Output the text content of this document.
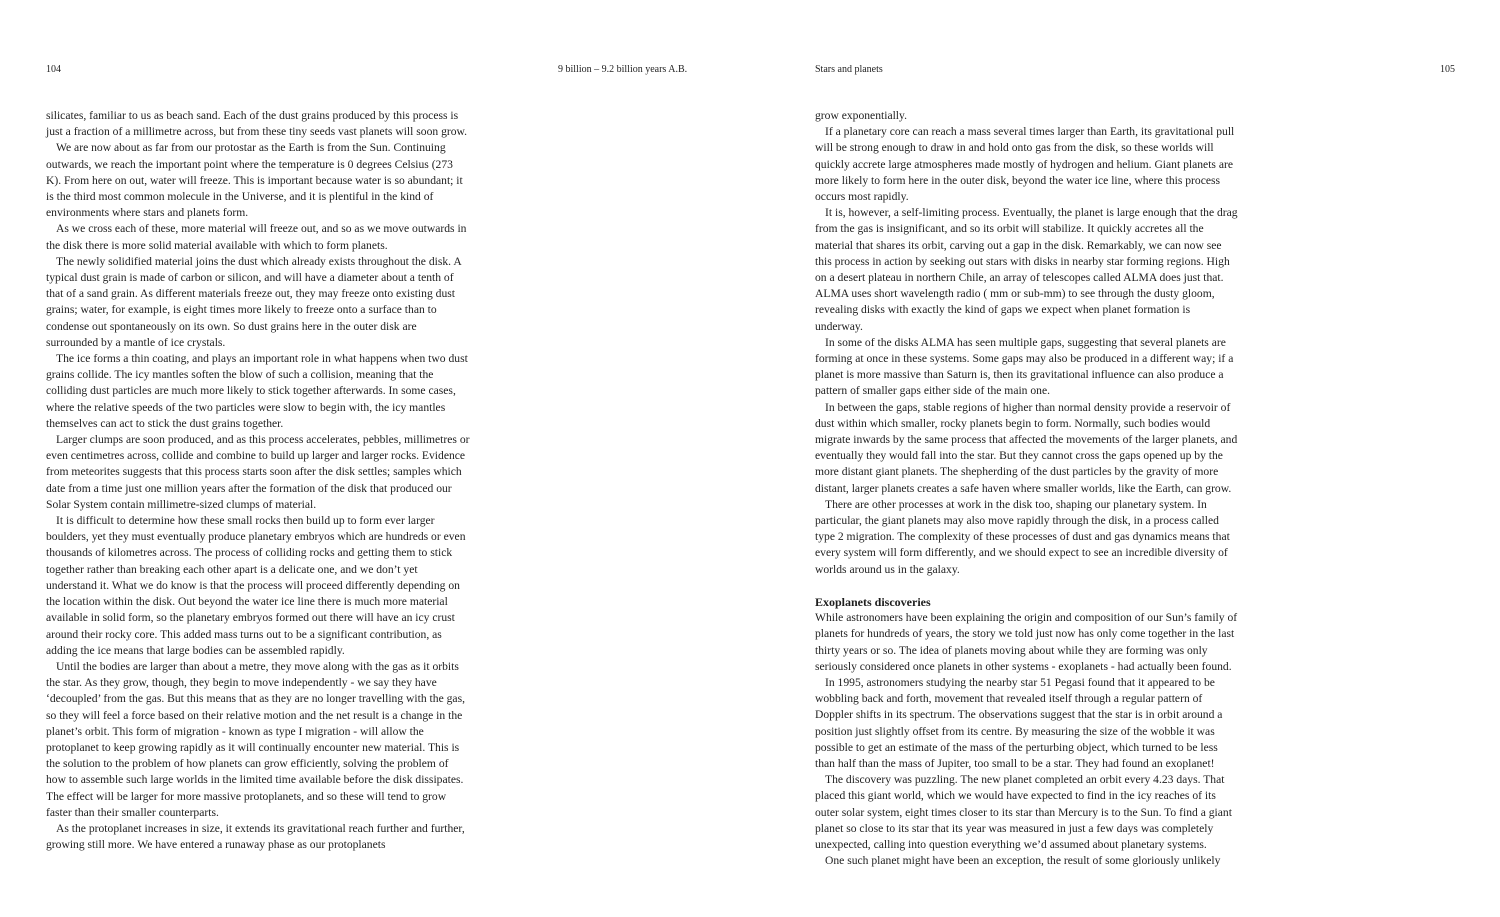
104	9 billion – 9.2 billion years A.B.	Stars and planets	105

silicates, familiar to us as beach sand. Each of the dust grains produced by this process is just a fraction of a millimetre across, but from these tiny seeds vast planets will soon grow.

We are now about as far from our protostar as the Earth is from the Sun. Continuing outwards, we reach the important point where the temperature is 0 degrees Celsius (273 K). From here on out, water will freeze. This is important because water is so abundant; it is the third most common molecule in the Universe, and it is plentiful in the kind of environments where stars and planets form.

As we cross each of these, more material will freeze out, and so as we move outwards in the disk there is more solid material available with which to form planets.

The newly solidified material joins the dust which already exists throughout the disk. A typical dust grain is made of carbon or silicon, and will have a diameter about a tenth of that of a sand grain. As different materials freeze out, they may freeze onto existing dust grains; water, for example, is eight times more likely to freeze onto a surface than to condense out spontaneously on its own. So dust grains here in the outer disk are surrounded by a mantle of ice crystals.

The ice forms a thin coating, and plays an important role in what happens when two dust grains collide. The icy mantles soften the blow of such a collision, meaning that the colliding dust particles are much more likely to stick together afterwards. In some cases, where the relative speeds of the two particles were slow to begin with, the icy mantles themselves can act to stick the dust grains together.

Larger clumps are soon produced, and as this process accelerates, pebbles, millimetres or even centimetres across, collide and combine to build up larger and larger rocks. Evidence from meteorites suggests that this process starts soon after the disk settles; samples which date from a time just one million years after the formation of the disk that produced our Solar System contain millimetre-sized clumps of material.

It is difficult to determine how these small rocks then build up to form ever larger boulders, yet they must eventually produce planetary embryos which are hundreds or even thousands of kilometres across. The process of colliding rocks and getting them to stick together rather than breaking each other apart is a delicate one, and we don’t yet understand it. What we do know is that the process will proceed differently depending on the location within the disk. Out beyond the water ice line there is much more material available in solid form, so the planetary embryos formed out there will have an icy crust around their rocky core. This added mass turns out to be a significant contribution, as adding the ice means that large bodies can be assembled rapidly.

Until the bodies are larger than about a metre, they move along with the gas as it orbits the star. As they grow, though, they begin to move independently - we say they have ‘decoupled’ from the gas. But this means that as they are no longer travelling with the gas, so they will feel a force based on their relative motion and the net result is a change in the planet’s orbit. This form of migration - known as type I migration - will allow the protoplanet to keep growing rapidly as it will continually encounter new material. This is the solution to the problem of how planets can grow efficiently, solving the problem of how to assemble such large worlds in the limited time available before the disk dissipates. The effect will be larger for more massive protoplanets, and so these will tend to grow faster than their smaller counterparts.

As the protoplanet increases in size, it extends its gravitational reach further and further, growing still more. We have entered a runaway phase as our protoplanets

grow exponentially.

If a planetary core can reach a mass several times larger than Earth, its gravitational pull will be strong enough to draw in and hold onto gas from the disk, so these worlds will quickly accrete large atmospheres made mostly of hydrogen and helium. Giant planets are more likely to form here in the outer disk, beyond the water ice line, where this process occurs most rapidly.

It is, however, a self-limiting process. Eventually, the planet is large enough that the drag from the gas is insignificant, and so its orbit will stabilize. It quickly accretes all the material that shares its orbit, carving out a gap in the disk. Remarkably, we can now see this process in action by seeking out stars with disks in nearby star forming regions. High on a desert plateau in northern Chile, an array of telescopes called ALMA does just that. ALMA uses short wavelength radio ( mm or sub-mm) to see through the dusty gloom, revealing disks with exactly the kind of gaps we expect when planet formation is underway.

In some of the disks ALMA has seen multiple gaps, suggesting that several planets are forming at once in these systems. Some gaps may also be produced in a different way; if a planet is more massive than Saturn is, then its gravitational influence can also produce a pattern of smaller gaps either side of the main one.

In between the gaps, stable regions of higher than normal density provide a reservoir of dust within which smaller, rocky planets begin to form. Normally, such bodies would migrate inwards by the same process that affected the movements of the larger planets, and eventually they would fall into the star. But they cannot cross the gaps opened up by the more distant giant planets. The shepherding of the dust particles by the gravity of more distant, larger planets creates a safe haven where smaller worlds, like the Earth, can grow.

There are other processes at work in the disk too, shaping our planetary system. In particular, the giant planets may also move rapidly through the disk, in a process called type 2 migration. The complexity of these processes of dust and gas dynamics means that every system will form differently, and we should expect to see an incredible diversity of worlds around us in the galaxy.

Exoplanets discoveries

While astronomers have been explaining the origin and composition of our Sun’s family of planets for hundreds of years, the story we told just now has only come together in the last thirty years or so. The idea of planets moving about while they are forming was only seriously considered once planets in other systems - exoplanets - had actually been found.

In 1995, astronomers studying the nearby star 51 Pegasi found that it appeared to be wobbling back and forth, movement that revealed itself through a regular pattern of Doppler shifts in its spectrum. The observations suggest that the star is in orbit around a position just slightly offset from its centre. By measuring the size of the wobble it was possible to get an estimate of the mass of the perturbing object, which turned to be less than half than the mass of Jupiter, too small to be a star. They had found an exoplanet!

The discovery was puzzling. The new planet completed an orbit every 4.23 days. That placed this giant world, which we would have expected to find in the icy reaches of its outer solar system, eight times closer to its star than Mercury is to the Sun. To find a giant planet so close to its star that its year was measured in just a few days was completely unexpected, calling into question everything we’d assumed about planetary systems.

One such planet might have been an exception, the result of some gloriously unlikely
